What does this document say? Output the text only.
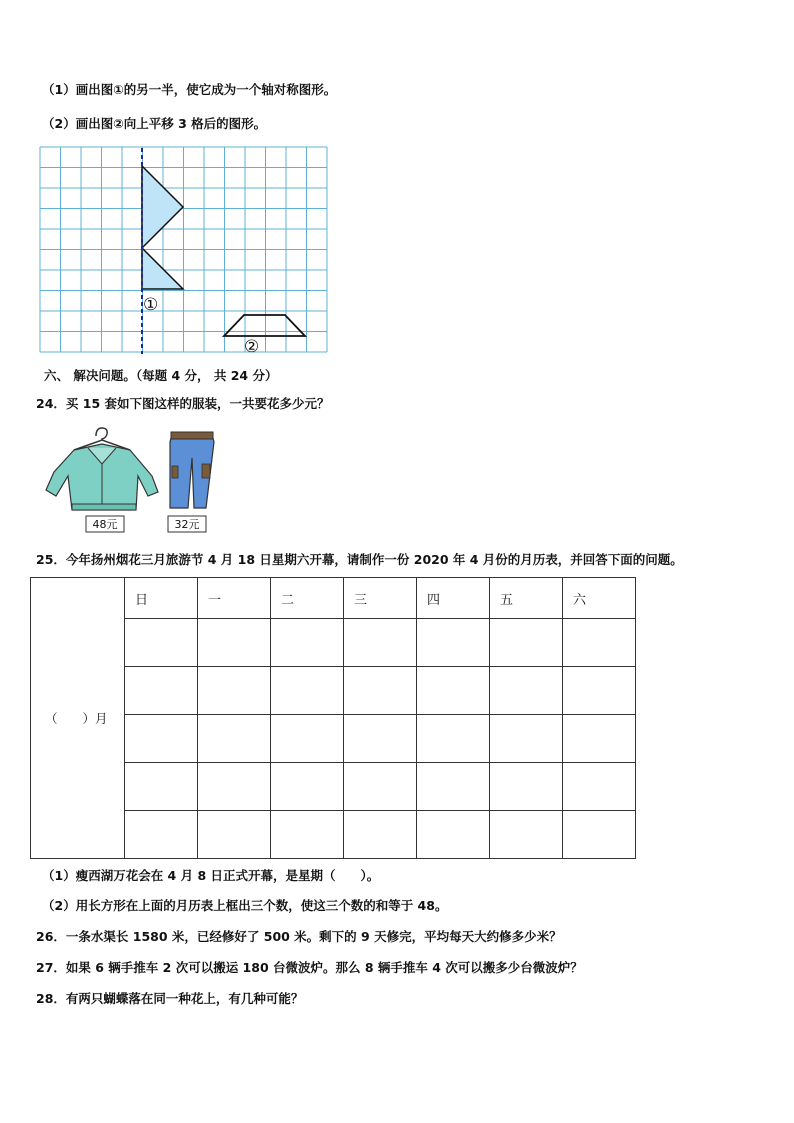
（1）画出图①的另一半，使它成为一个轴对称图形。
（2）画出图②向上平移 3 格后的图形。
①
②
六、 解决问题。（每题 4 分， 共 24 分）
24．买 15 套如下图这样的服装，一共要花多少元？
48元	32元
25．今年扬州烟花三月旅游节 4 月 18 日星期六开幕，请制作一份 2020 年 4 月份的月历表，并回答下面的问题。
（　　）月	日	一	二	三	四	五	六

（1）瘦西湖万花会在 4 月 8 日正式开幕，是星期（　　）。
（2）用长方形在上面的月历表上框出三个数，使这三个数的和等于 48。
26．一条水渠长 1580 米，已经修好了 500 米。剩下的 9 天修完，平均每天大约修多少米？
27．如果 6 辆手推车 2 次可以搬运 180 台微波炉。那么 8 辆手推车 4 次可以搬多少台微波炉？
28．有两只蝴蝶落在同一种花上，有几种可能？
